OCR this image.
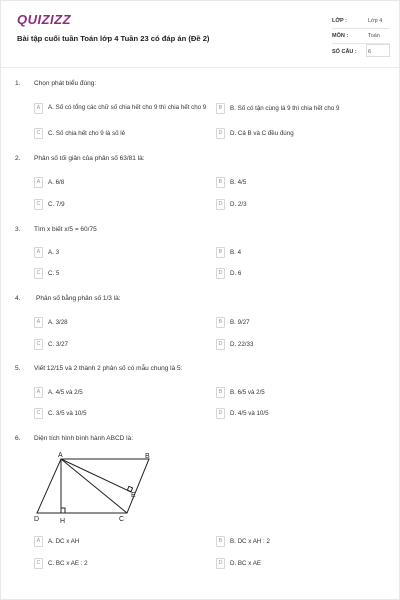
QUIZIZZ
Bài tập cuối tuần Toán lớp 4 Tuần 23 có đáp án (Đề 2)
LỚP :	Lớp 4
MÔN :	Toán
SỐ CÂU : 6
1. Chọn phát biểu đúng:
A	A. Số có tổng các chữ số chia hết cho 9 thì chia hết cho 9	B	B. Số có tận cùng là 9 thì chia hết cho 9
C	C. Số chia hết cho 9 là số lẻ	D	D. Cả B và C đều đúng
2. Phân số tối giản của phân số 63/81 là:
A	A. 6/8	B	B. 4/5
C	C. 7/9	D	D. 2/3
3. Tìm x biết x/5 = 60/75
A	A. 3	B	B. 4
C	C. 5	D	D. 6
4. Phân số bằng phân số 1/3 là:
A	A. 3/28	B	B. 9/27
C	C. 3/27	D	D. 22/33
5. Viết 12/15 và 2 thành 2 phân số có mẫu chung là 5:
A	A. 4/5 và 2/5	B	B. 6/5 và 2/5
C	C. 3/5 và 10/5	D	D. 4/5 và 10/5
6. Diện tích hình bình hành ABCD là:
A	B
C
D
E
H
A	A. DC x AH	B	B. DC x AH : 2
C	C. BC x AE : 2	D	D. BC x AE
